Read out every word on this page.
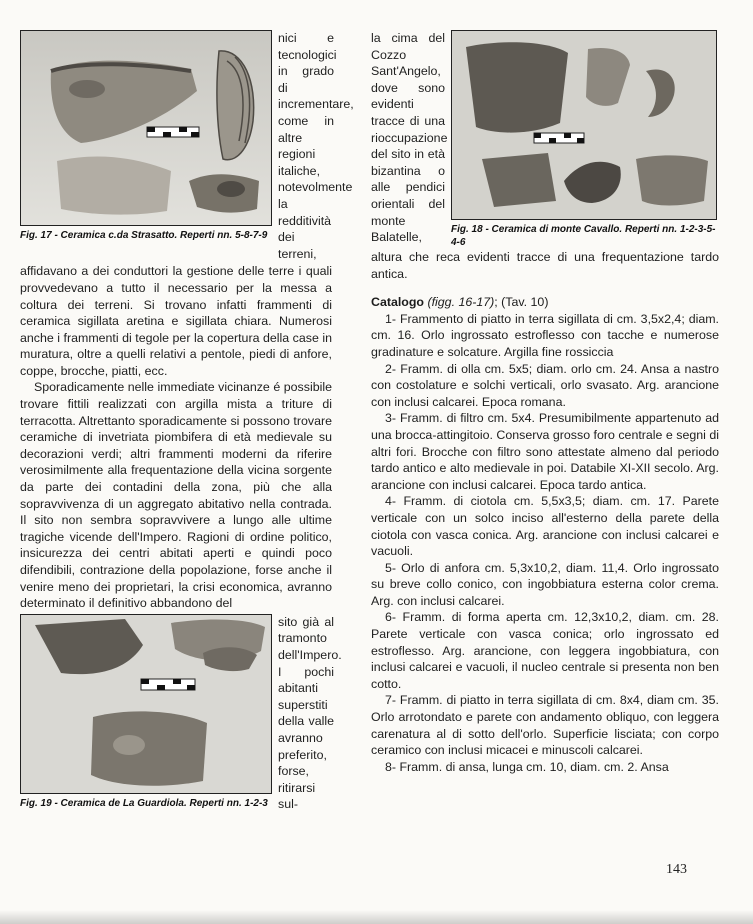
Fig. 17 - Ceramica c.da Strasatto. Reperti nn. 5-8-7-9
nici e tecnologici in grado di incrementare, come in altre regioni italiche, notevolmente la redditività dei terreni,

affidavano a dei conduttori la gestione delle terre i quali provvedevano a tutto il necessario per la messa a coltura dei terreni. Si trovano infatti frammenti di ceramica sigillata aretina e sigillata chiara. Numerosi anche i frammenti di tegole per la copertura della case in muratura, oltre a quelli relativi a pentole, piedi di anfore, coppe, brocche, piatti, ecc.

Sporadicamente nelle immediate vicinanze é possibile trovare fittili realizzati con argilla mista a triture di terracotta. Altrettanto sporadicamente si possono trovare ceramiche di invetriata piombifera di età medievale su decorazioni verdi; altri frammenti moderni da riferire verosimilmente alla frequentazione della vicina sorgente da parte dei contadini della zona, più che alla sopravvivenza di un aggregato abitativo nella contrada. Il sito non sembra sopravvivere a lungo alle ultime tragiche vicende dell'Impero. Ragioni di ordine politico, insicurezza dei centri abitati aperti e quindi poco difendibili, contrazione della popolazione, forse anche il venire meno dei proprietari, la crisi economica, avranno determinato il definitivo abbandono del

Fig. 19 - Ceramica de La Guardiola. Reperti nn. 1-2-3
sito già al tramonto dell'Impero. I pochi abitanti superstiti della valle avranno preferito, forse, ritirarsi sul-
la cima del Cozzo Sant'Angelo, dove sono evidenti tracce di una rioccupazione del sito in età bizantina o alle pendici orientali del monte Balatelle,
Fig. 18 - Ceramica di monte Cavallo. Reperti nn. 1-2-3-5-4-6
altura che reca evidenti tracce di una frequentazione tardo antica.
Catalogo (figg. 16-17); (Tav. 10)

1- Frammento di piatto in terra sigillata di cm. 3,5x2,4; diam. cm. 16. Orlo ingrossato estroflesso con tacche e numerose gradinature e solcature. Argilla fine rossiccia

2- Framm. di olla cm. 5x5; diam. orlo cm. 24. Ansa a nastro con costolature e solchi verticali, orlo svasato. Arg. arancione con inclusi calcarei. Epoca romana.

3- Framm. di filtro cm. 5x4. Presumibilmente appartenuto ad una brocca-attingitoio. Conserva grosso foro centrale e segni di altri fori. Brocche con filtro sono attestate almeno dal periodo tardo antico e alto medievale in poi. Databile XI-XII secolo. Arg. arancione con inclusi calcarei. Epoca tardo antica.

4- Framm. di ciotola cm. 5,5x3,5; diam. cm. 17. Parete verticale con un solco inciso all'esterno della parete della ciotola con vasca conica. Arg. arancione con inclusi calcarei e vacuoli.

5- Orlo di anfora cm. 5,3x10,2, diam. 11,4. Orlo ingrossato su breve collo conico, con ingobbiatura esterna color crema. Arg. con inclusi calcarei.

6- Framm. di forma aperta cm. 12,3x10,2, diam. cm. 28. Parete verticale con vasca conica; orlo ingrossato ed estroflesso. Arg. arancione, con leggera ingobbiatura, con inclusi calcarei e vacuoli, il nucleo centrale si presenta non ben cotto.

7- Framm. di piatto in terra sigillata di cm. 8x4, diam cm. 35. Orlo arrotondato e parete con andamento obliquo, con leggera carenatura al di sotto dell'orlo. Superficie lisciata; con corpo ceramico con inclusi micacei e minuscoli calcarei.

8- Framm. di ansa, lunga cm. 10, diam. cm. 2. Ansa

143
